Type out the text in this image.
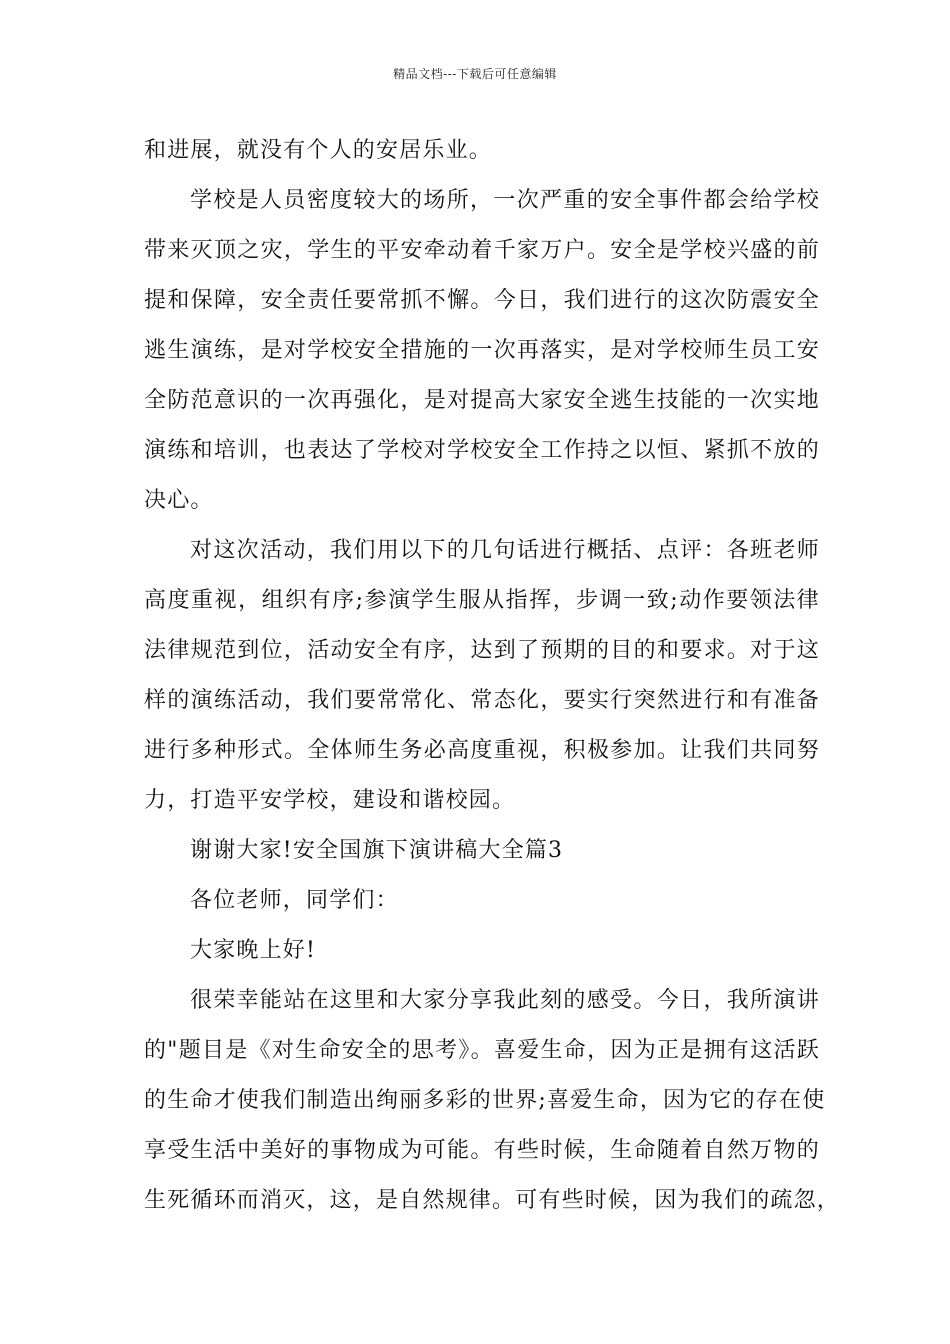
精品文档---下载后可任意编辑
和进展，就没有个人的安居乐业。
学校是人员密度较大的场所，一次严重的安全事件都会给学校
带来灭顶之灾，学生的平安牵动着千家万户。安全是学校兴盛的前
提和保障，安全责任要常抓不懈。今日，我们进行的这次防震安全
逃生演练，是对学校安全措施的一次再落实，是对学校师生员工安
全防范意识的一次再强化，是对提高大家安全逃生技能的一次实地
演练和培训，也表达了学校对学校安全工作持之以恒、紧抓不放的
决心。
对这次活动，我们用以下的几句话进行概括、点评：各班老师
高度重视，组织有序;参演学生服从指挥，步调一致;动作要领法律
法律规范到位，活动安全有序，达到了预期的目的和要求。对于这
样的演练活动，我们要常常化、常态化，要实行突然进行和有准备
进行多种形式。全体师生务必高度重视，积极参加。让我们共同努
力，打造平安学校，建设和谐校园。
谢谢大家!安全国旗下演讲稿大全篇3
各位老师，同学们：
大家晚上好!
很荣幸能站在这里和大家分享我此刻的感受。今日，我所演讲
的"题目是《对生命安全的思考》。喜爱生命，因为正是拥有这活跃
的生命才使我们制造出绚丽多彩的世界;喜爱生命，因为它的存在使
享受生活中美好的事物成为可能。有些时候，生命随着自然万物的
生死循环而消灭，这，是自然规律。可有些时候，因为我们的疏忽，
